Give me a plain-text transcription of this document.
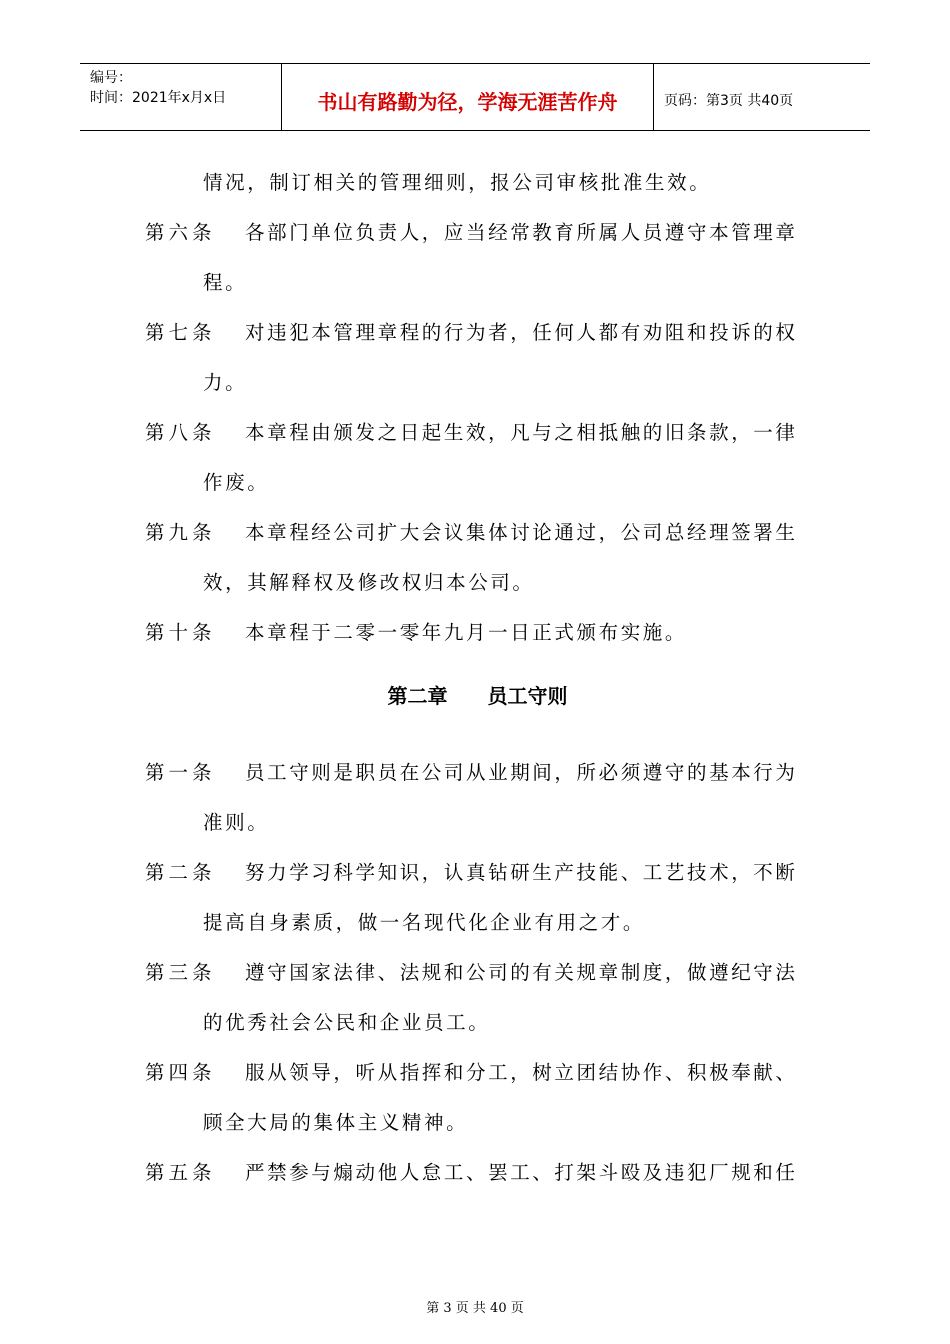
编号：
时间：2021年x月x日	书山有路勤为径，学海无涯苦作舟	页码：第3页 共40页
情况，制订相关的管理细则，报公司审核批准生效。
第六条	各部门单位负责人，应当经常教育所属人员遵守本管理章
程。
第七条	对违犯本管理章程的行为者，任何人都有劝阻和投诉的权
力。
第八条	本章程由颁发之日起生效，凡与之相抵触的旧条款，一律
作废。
第九条	本章程经公司扩大会议集体讨论通过，公司总经理签署生
效，其解释权及修改权归本公司。
第十条	本章程于二零一零年九月一日正式颁布实施。
第二章　　员工守则
第一条	员工守则是职员在公司从业期间，所必须遵守的基本行为
准则。
第二条	努力学习科学知识，认真钻研生产技能、工艺技术，不断
提高自身素质，做一名现代化企业有用之才。
第三条	遵守国家法律、法规和公司的有关规章制度，做遵纪守法
的优秀社会公民和企业员工。
第四条	服从领导，听从指挥和分工，树立团结协作、积极奉献、
顾全大局的集体主义精神。
第五条	严禁参与煽动他人怠工、罢工、打架斗殴及违犯厂规和任
第 3 页 共 40 页
